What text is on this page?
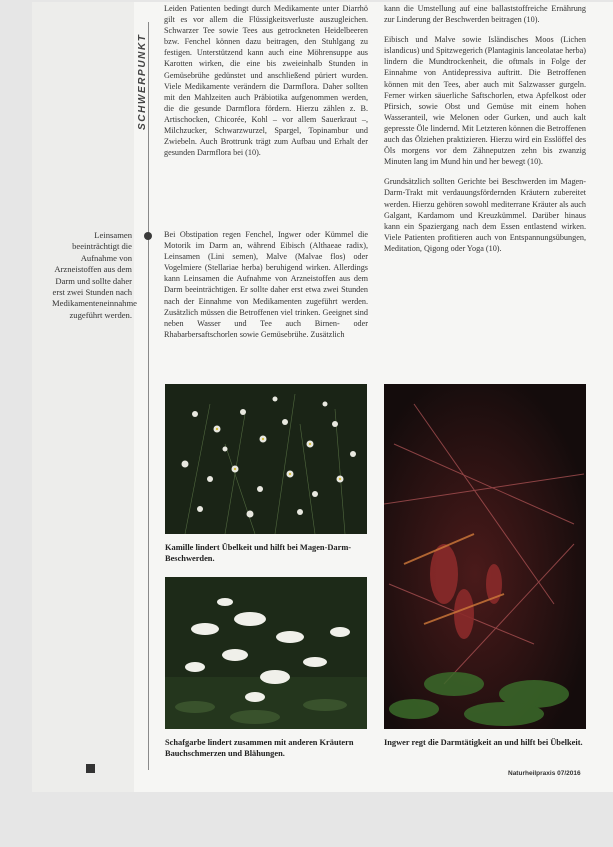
SCHWERPUNKT
Leinsamen beeinträchtigt die Aufnahme von Arzneistoffen aus dem Darm und sollte daher erst zwei Stunden nach Medikamenteneinnahme zugeführt werden.

Leiden Patienten bedingt durch Medikamente unter Diarrhö gilt es vor allem die Flüssigkeitsverluste auszugleichen. Schwarzer Tee sowie Tees aus getrockneten Heidelbeeren bzw. Fenchel können dazu beitragen, den Stuhlgang zu festigen. Unterstützend kann auch eine Möhrensuppe aus Karotten wirken, die eine bis zweieinhalb Stunden in Gemüsebrühe gedünstet und anschließend püriert wurden. Viele Medikamente verändern die Darmflora. Daher sollten mit den Mahlzeiten auch Präbiotika aufgenommen werden, die die gesunde Darmflora fördern. Hierzu zählen z. B. Artischocken, Chicorée, Kohl – vor allem Sauerkraut –, Milchzucker, Schwarzwurzel, Spargel, Topinambur und Zwiebeln. Auch Brottrunk trägt zum Aufbau und Erhalt der gesunden Darmflora bei (10).

Bei Obstipation regen Fenchel, Ingwer oder Kümmel die Motorik im Darm an, während Eibisch (Althaeae radix), Leinsamen (Lini semen), Malve (Malvae flos) oder Vogelmiere (Stellariae herba) beruhigend wirken. Allerdings kann Leinsamen die Aufnahme von Arzneistoffen aus dem Darm beeinträchtigen. Er sollte daher erst etwa zwei Stunden nach der Einnahme von Medikamenten zugeführt werden. Zusätzlich müssen die Betroffenen viel trinken. Geeignet sind neben Wasser und Tee auch Birnen- oder Rhabarbersaftschorlen sowie Gemüsebrühe. Zusätzlich

kann die Umstellung auf eine ballaststoffreiche Ernährung zur Linderung der Beschwerden beitragen (10).

Eibisch und Malve sowie Isländisches Moos (Lichen islandicus) und Spitzwegerich (Plantaginis lanceolatae herba) lindern die Mundtrockenheit, die oftmals in Folge der Einnahme von Antidepressiva auftritt. Die Betroffenen können mit den Tees, aber auch mit Salzwasser gurgeln. Ferner wirken säuerliche Saftschorlen, etwa Apfelkost oder Pfirsich, sowie Obst und Gemüse mit einem hohen Wasseranteil, wie Melonen oder Gurken, und auch kalt gepresste Öle lindernd. Mit Letzteren können die Betroffenen auch das Ölziehen praktizieren. Hierzu wird ein Esslöffel des Öls morgens vor dem Zähneputzen zehn bis zwanzig Minuten lang im Mund hin und her bewegt (10).

Grundsätzlich sollten Gerichte bei Beschwerden im Magen-Darm-Trakt mit verdauungsfördernden Kräutern zubereitet werden. Hierzu gehören sowohl mediterrane Kräuter als auch Galgant, Kardamom und Kreuzkümmel. Darüber hinaus kann ein Spaziergang nach dem Essen entlastend wirken. Viele Patienten profitieren auch von Entspannungsübungen, Meditation, Qigong oder Yoga (10).

Kamille lindert Übelkeit und hilft bei Magen-Darm-Beschwerden.
Schafgarbe lindert zusammen mit anderen Kräutern Bauchschmerzen und Blähungen.
Ingwer regt die Darmtätigkeit an und hilft bei Übelkeit.
Naturheilpraxis 07/2016
